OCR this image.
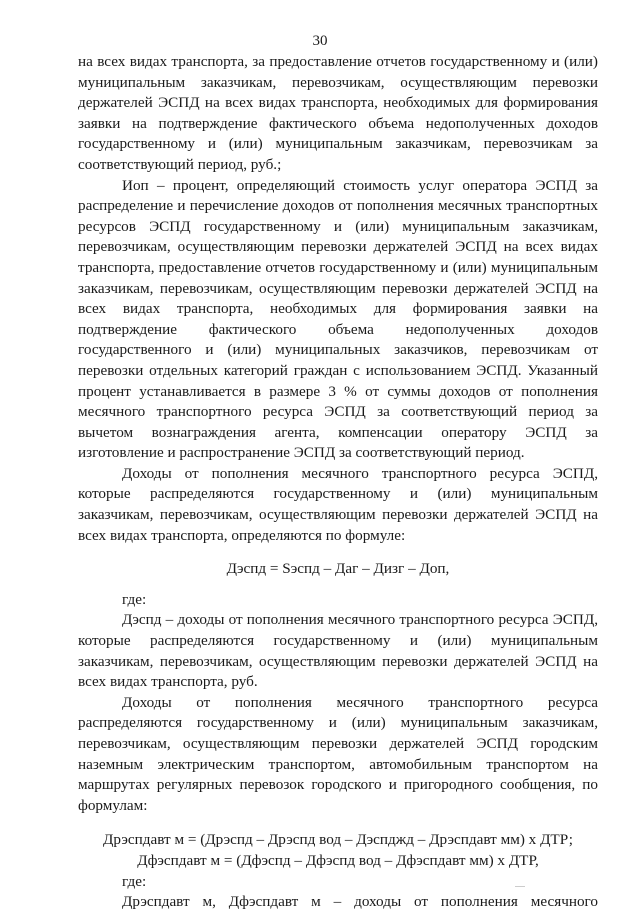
30

на всех видах транспорта, за предоставление отчетов государственному и (или) муниципальным заказчикам, перевозчикам, осуществляющим перевозки держателей ЭСПД на всех видах транспорта, необходимых для формирования заявки на подтверждение фактического объема недополученных доходов государственному и (или) муниципальным заказчикам, перевозчикам за соответствующий период, руб.;

Иоп – процент, определяющий стоимость услуг оператора ЭСПД за распределение и перечисление доходов от пополнения месячных транспортных ресурсов ЭСПД государственному и (или) муниципальным заказчикам, перевозчикам, осуществляющим перевозки держателей ЭСПД на всех видах транспорта, предоставление отчетов государственному и (или) муниципальным заказчикам, перевозчикам, осуществляющим перевозки держателей ЭСПД на всех видах транспорта, необходимых для формирования заявки на подтверждение фактического объема недополученных доходов государственного и (или) муниципальных заказчиков, перевозчикам от перевозки отдельных категорий граждан с использованием ЭСПД. Указанный процент устанавливается в размере 3 % от суммы доходов от пополнения месячного транспортного ресурса ЭСПД за соответствующий период за вычетом вознаграждения агента, компенсации оператору ЭСПД за изготовление и распространение ЭСПД за соответствующий период.

Доходы от пополнения месячного транспортного ресурса ЭСПД, которые распределяются государственному и (или) муниципальным заказчикам, перевозчикам, осуществляющим перевозки держателей ЭСПД на всех видах транспорта, определяются по формуле:

Дэспд = Sэспд – Даг – Дизг – Доп,

где:

Дэспд – доходы от пополнения месячного транспортного ресурса ЭСПД, которые распределяются государственному и (или) муниципальным заказчикам, перевозчикам, осуществляющим перевозки держателей ЭСПД на всех видах транспорта, руб.

Доходы от пополнения месячного транспортного ресурса распределяются государственному и (или) муниципальным заказчикам, перевозчикам, осуществляющим перевозки держателей ЭСПД городским наземным электрическим транспортом, автомобильным транспортом на маршрутах регулярных перевозок городского и пригородного сообщения, по формулам:

Дрэспдавт м = (Дрэспд – Дрэспд вод – Дэспджд – Дрэспдавт мм) х ДТР;

Дфэспдавт м = (Дфэспд – Дфэспд вод – Дфэспдавт мм) х ДТР,

где:

Дрэспдавт м, Дфэспдавт м – доходы от пополнения месячного
